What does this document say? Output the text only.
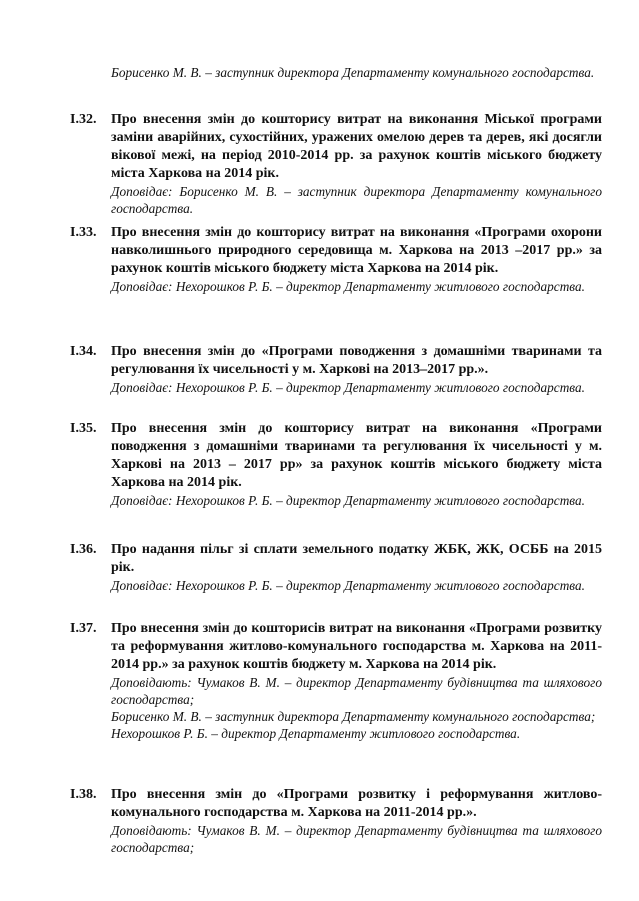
Борисенко М. В. – заступник директора Департаменту комунального господарства.

І.32. Про внесення змін до кошторису витрат на виконання Міської програми заміни аварійних, сухостійних, уражених омелою дерев та дерев, які досягли вікової межі, на період 2010-2014 рр. за рахунок коштів міського бюджету міста Харкова на 2014 рік.

Доповідає: Борисенко М. В. – заступник директора Департаменту комунального господарства.

І.33. Про внесення змін до кошторису витрат на виконання «Програми охорони навколишнього природного середовища м. Харкова на 2013 –2017 рр.» за рахунок коштів міського бюджету міста Харкова на 2014 рік.

Доповідає: Нехорошков Р. Б. – директор Департаменту житлового господарства.

І.34. Про внесення змін до «Програми поводження з домашніми тваринами та регулювання їх чисельності у м. Харкові на 2013–2017 рр.».

Доповідає: Нехорошков Р. Б. – директор Департаменту житлового господарства.

І.35. Про внесення змін до кошторису витрат на виконання «Програми поводження з домашніми тваринами та регулювання їх чисельності у м. Харкові на 2013 – 2017 рр» за рахунок коштів міського бюджету міста Харкова на 2014 рік.

Доповідає: Нехорошков Р. Б. – директор Департаменту житлового господарства.

І.36. Про надання пільг зі сплати земельного податку ЖБК, ЖК, ОСББ на 2015 рік.

Доповідає: Нехорошков Р. Б. – директор Департаменту житлового господарства.

І.37. Про внесення змін до кошторисів витрат на виконання «Програми розвитку та реформування житлово-комунального господарства м. Харкова на 2011-2014 рр.» за рахунок коштів бюджету м. Харкова на 2014 рік.

Доповідають: Чумаков В. М. – директор Департаменту будівництва та шляхового господарства;

Борисенко М. В. – заступник директора Департаменту комунального господарства;

Нехорошков Р. Б. – директор Департаменту житлового господарства.

І.38. Про внесення змін до «Програми розвитку і реформування житлово-комунального господарства м. Харкова на 2011-2014 рр.».

Доповідають: Чумаков В. М. – директор Департаменту будівництва та шляхового господарства;
